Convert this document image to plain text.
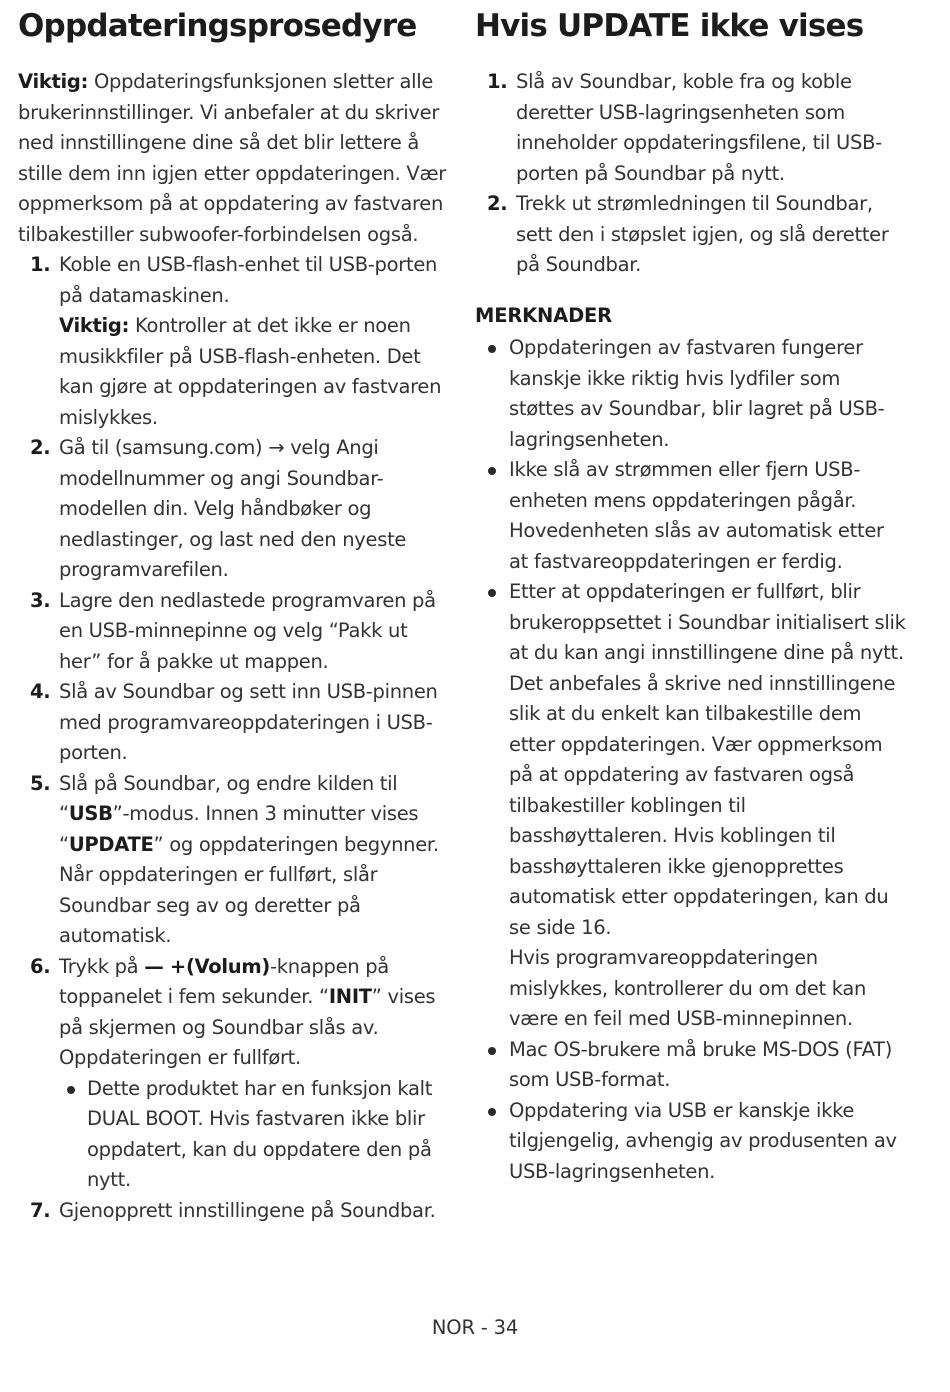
Oppdateringsprosedyre

Viktig: Oppdateringsfunksjonen sletter alle brukerinnstillinger. Vi anbefaler at du skriver ned innstillingene dine så det blir lettere å stille dem inn igjen etter oppdateringen. Vær oppmerksom på at oppdatering av fastvaren tilbakestiller subwoofer-forbindelsen også.

1. Koble en USB-flash-enhet til USB-porten på datamaskinen.
Viktig: Kontroller at det ikke er noen musikkfiler på USB-flash-enheten. Det kan gjøre at oppdateringen av fastvaren mislykkes.
2. Gå til (samsung.com) → velg Angi modellnummer og angi Soundbar-modellen din. Velg håndbøker og nedlastinger, og last ned den nyeste programvarefilen.
3. Lagre den nedlastede programvaren på en USB-minnepinne og velg “Pakk ut her” for å pakke ut mappen.
4. Slå av Soundbar og sett inn USB-pinnen med programvareoppdateringen i USB-porten.
5. Slå på Soundbar, og endre kilden til “USB”-modus. Innen 3 minutter vises “UPDATE” og oppdateringen begynner. Når oppdateringen er fullført, slår Soundbar seg av og deretter på automatisk.
6. Trykk på — +(Volum)-knappen på toppanelet i fem sekunder. “INIT” vises på skjermen og Soundbar slås av. Oppdateringen er fullført.
Dette produktet har en funksjon kalt DUAL BOOT. Hvis fastvaren ikke blir oppdatert, kan du oppdatere den på nytt.
7. Gjenopprett innstillingene på Soundbar.
Hvis UPDATE ikke vises
1. Slå av Soundbar, koble fra og koble deretter USB-lagringsenheten som inneholder oppdateringsfilene, til USB-porten på Soundbar på nytt.
2. Trekk ut strømledningen til Soundbar, sett den i støpslet igjen, og slå deretter på Soundbar.
MERKNADER
Oppdateringen av fastvaren fungerer kanskje ikke riktig hvis lydfiler som støttes av Soundbar, blir lagret på USB-lagringsenheten.
Ikke slå av strømmen eller fjern USB-enheten mens oppdateringen pågår. Hovedenheten slås av automatisk etter at fastvareoppdateringen er ferdig.
Etter at oppdateringen er fullført, blir brukeroppsettet i Soundbar initialisert slik at du kan angi innstillingene dine på nytt. Det anbefales å skrive ned innstillingene slik at du enkelt kan tilbakestille dem etter oppdateringen. Vær oppmerksom på at oppdatering av fastvaren også tilbakestiller koblingen til basshøyttaleren. Hvis koblingen til basshøyttaleren ikke gjenopprettes automatisk etter oppdateringen, kan du se side 16.
Hvis programvareoppdateringen mislykkes, kontrollerer du om det kan være en feil med USB-minnepinnen.
Mac OS-brukere må bruke MS-DOS (FAT) som USB-format.
Oppdatering via USB er kanskje ikke tilgjengelig, avhengig av produsenten av USB-lagringsenheten.
NOR - 34
